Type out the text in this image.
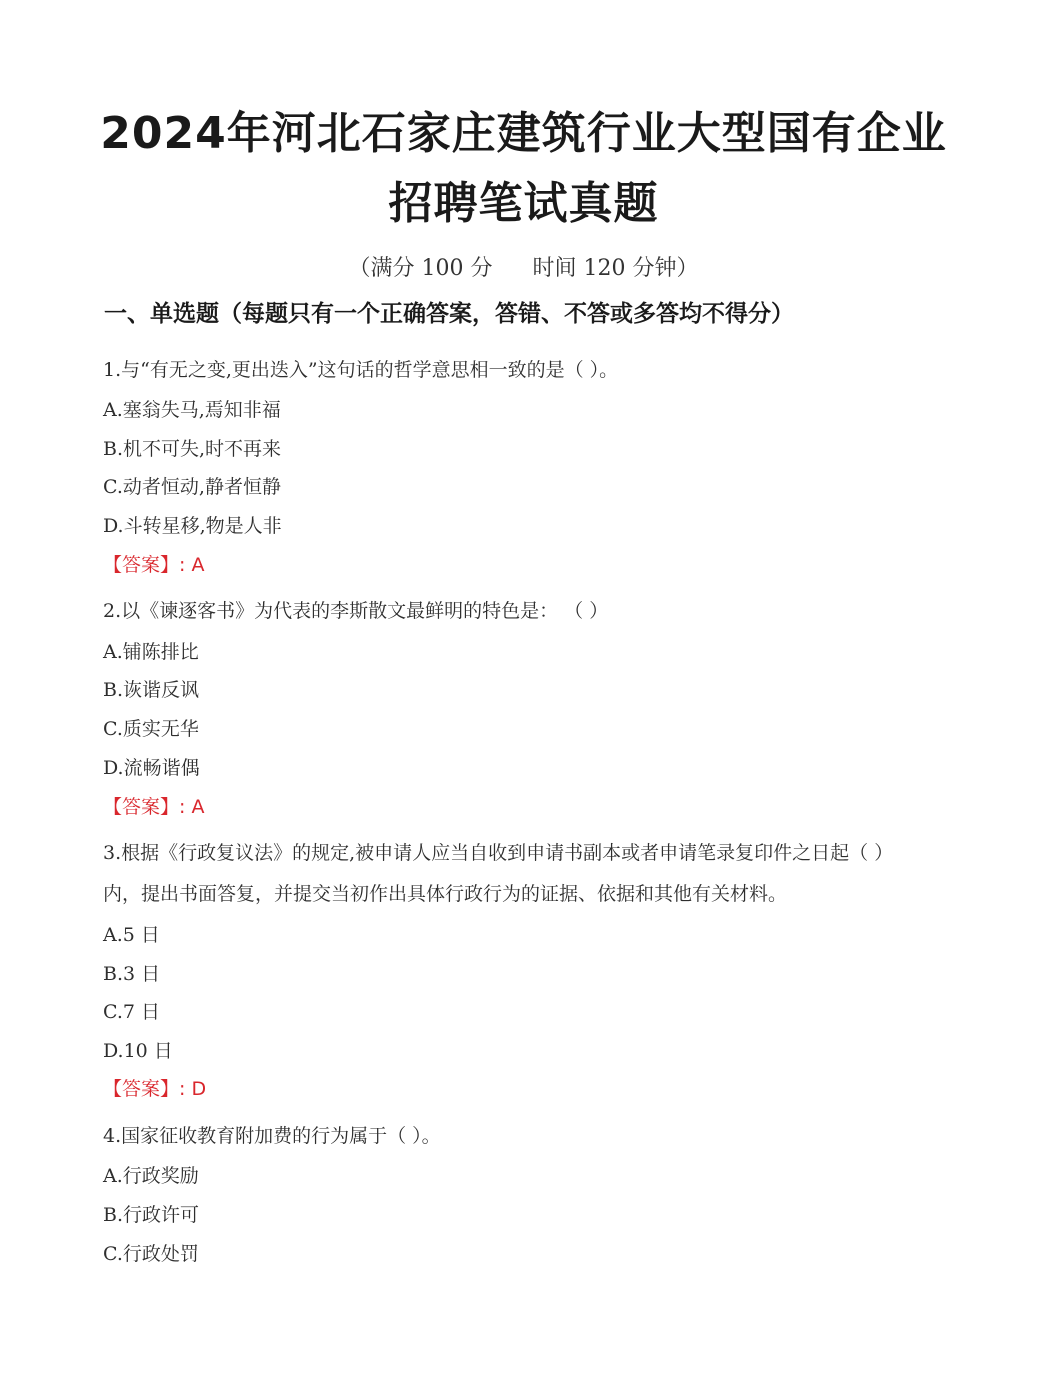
2024年河北石家庄建筑行业大型国有企业
招聘笔试真题
（满分 100 分 时间 120 分钟）
一、单选题（每题只有一个正确答案，答错、不答或多答均不得分）
1.与“有无之变,更出迭入”这句话的哲学意思相一致的是（ ）。
A.塞翁失马,焉知非福
B.机不可失,时不再来
C.动者恒动,静者恒静
D.斗转星移,物是人非
【答案】: A
2.以《谏逐客书》为代表的李斯散文最鲜明的特色是： （ ）
A.铺陈排比
B.诙谐反讽
C.质实无华
D.流畅谐偶
【答案】: A
3.根据《行政复议法》的规定,被申请人应当自收到申请书副本或者申请笔录复印件之日起（ ）
内，提出书面答复，并提交当初作出具体行政行为的证据、依据和其他有关材料。
A.5 日
B.3 日
C.7 日
D.10 日
【答案】: D
4.国家征收教育附加费的行为属于（ ）。
A.行政奖励
B.行政许可
C.行政处罚
